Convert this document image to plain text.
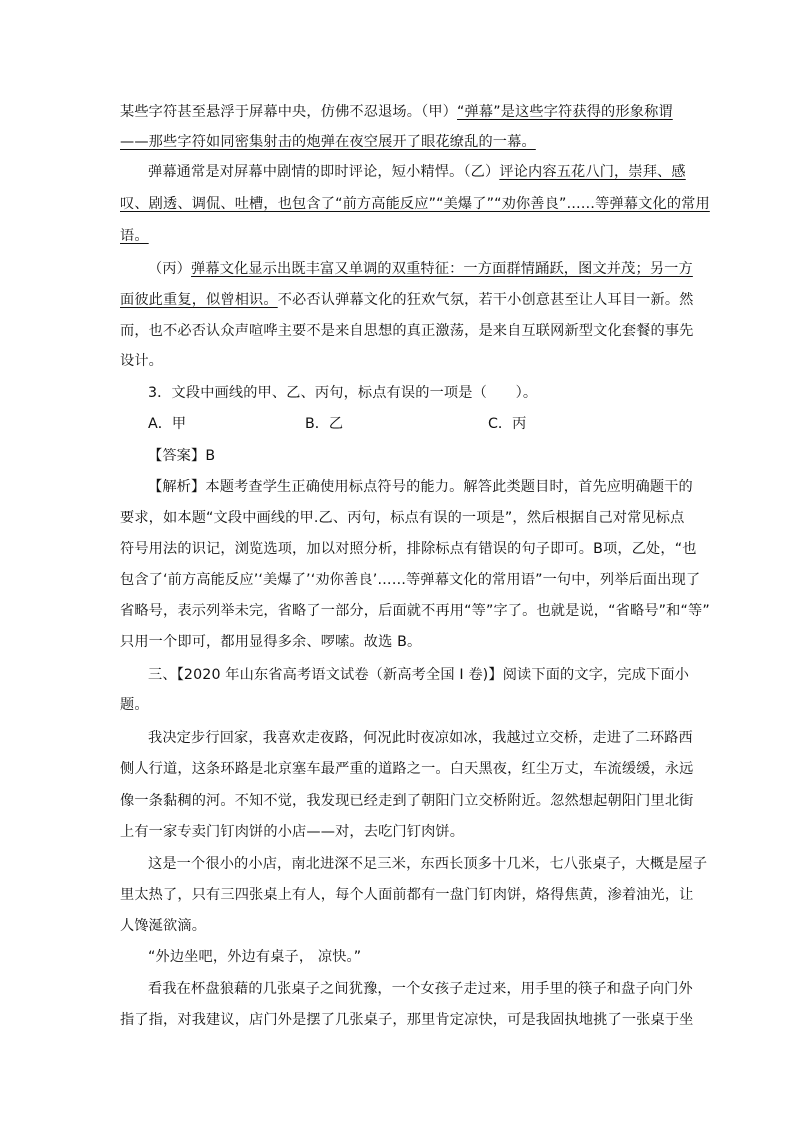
某些字符甚至悬浮于屏幕中央，仿佛不忍退场。（甲）“弹幕”是这些字符获得的形象称谓
——那些字符如同密集射击的炮弹在夜空展开了眼花缭乱的一幕。
弹幕通常是对屏幕中剧情的即时评论，短小精悍。（乙）评论内容五花八门，崇拜、感
叹、剧透、调侃、吐槽，也包含了“前方高能反应”“美爆了”“劝你善良”……等弹幕文化的常用
语。
（丙）弹幕文化显示出既丰富又单调的双重特征：一方面群情踊跃，图文并茂；另一方
面彼此重复，似曾相识。不必否认弹幕文化的狂欢气氛，若干小创意甚至让人耳目一新。然
而，也不必否认众声喧哗主要不是来自思想的真正激荡，是来自互联网新型文化套餐的事先
设计。
3．文段中画线的甲、乙、丙句，标点有误的一项是（　　）。
A．甲	B．乙	C．丙
【答案】B
【解析】本题考查学生正确使用标点符号的能力。解答此类题目时，首先应明确题干的
要求，如本题“文段中画线的甲.乙、丙句，标点有误的一项是”，然后根据自己对常见标点
符号用法的识记，浏览选项，加以对照分析，排除标点有错误的句子即可。B项，乙处，“也
包含了‘前方高能反应’‘美爆了’‘劝你善良’……等弹幕文化的常用语”一句中，列举后面出现了
省略号，表示列举未完，省略了一部分，后面就不再用“等”字了。也就是说，“省略号”和“等”
只用一个即可，都用显得多余、啰嗦。故选 B。
三、【2020 年山东省高考语文试卷（新高考全国 I 卷)】阅读下面的文字，完成下面小
题。
我决定步行回家，我喜欢走夜路，何况此时夜凉如冰，我越过立交桥，走进了二环路西
侧人行道，这条环路是北京塞车最严重的道路之一。白天黑夜，红尘万丈，车流缓缓，永远
像一条黏稠的河。不知不觉，我发现已经走到了朝阳门立交桥附近。忽然想起朝阳门里北街
上有一家专卖门钉肉饼的小店——对，去吃门钉肉饼。
这是一个很小的小店，南北进深不足三米，东西长顶多十几米，七八张桌子，大概是屋子
里太热了，只有三四张桌上有人，每个人面前都有一盘门钉肉饼，烙得焦黄，渗着油光，让
人馋涎欲滴。
“外边坐吧，外边有桌子， 凉快。”
看我在杯盘狼藉的几张桌子之间犹豫，一个女孩子走过来，用手里的筷子和盘子向门外
指了指，对我建议，店门外是摆了几张桌子，那里肯定凉快，可是我固执地挑了一张桌于坐
